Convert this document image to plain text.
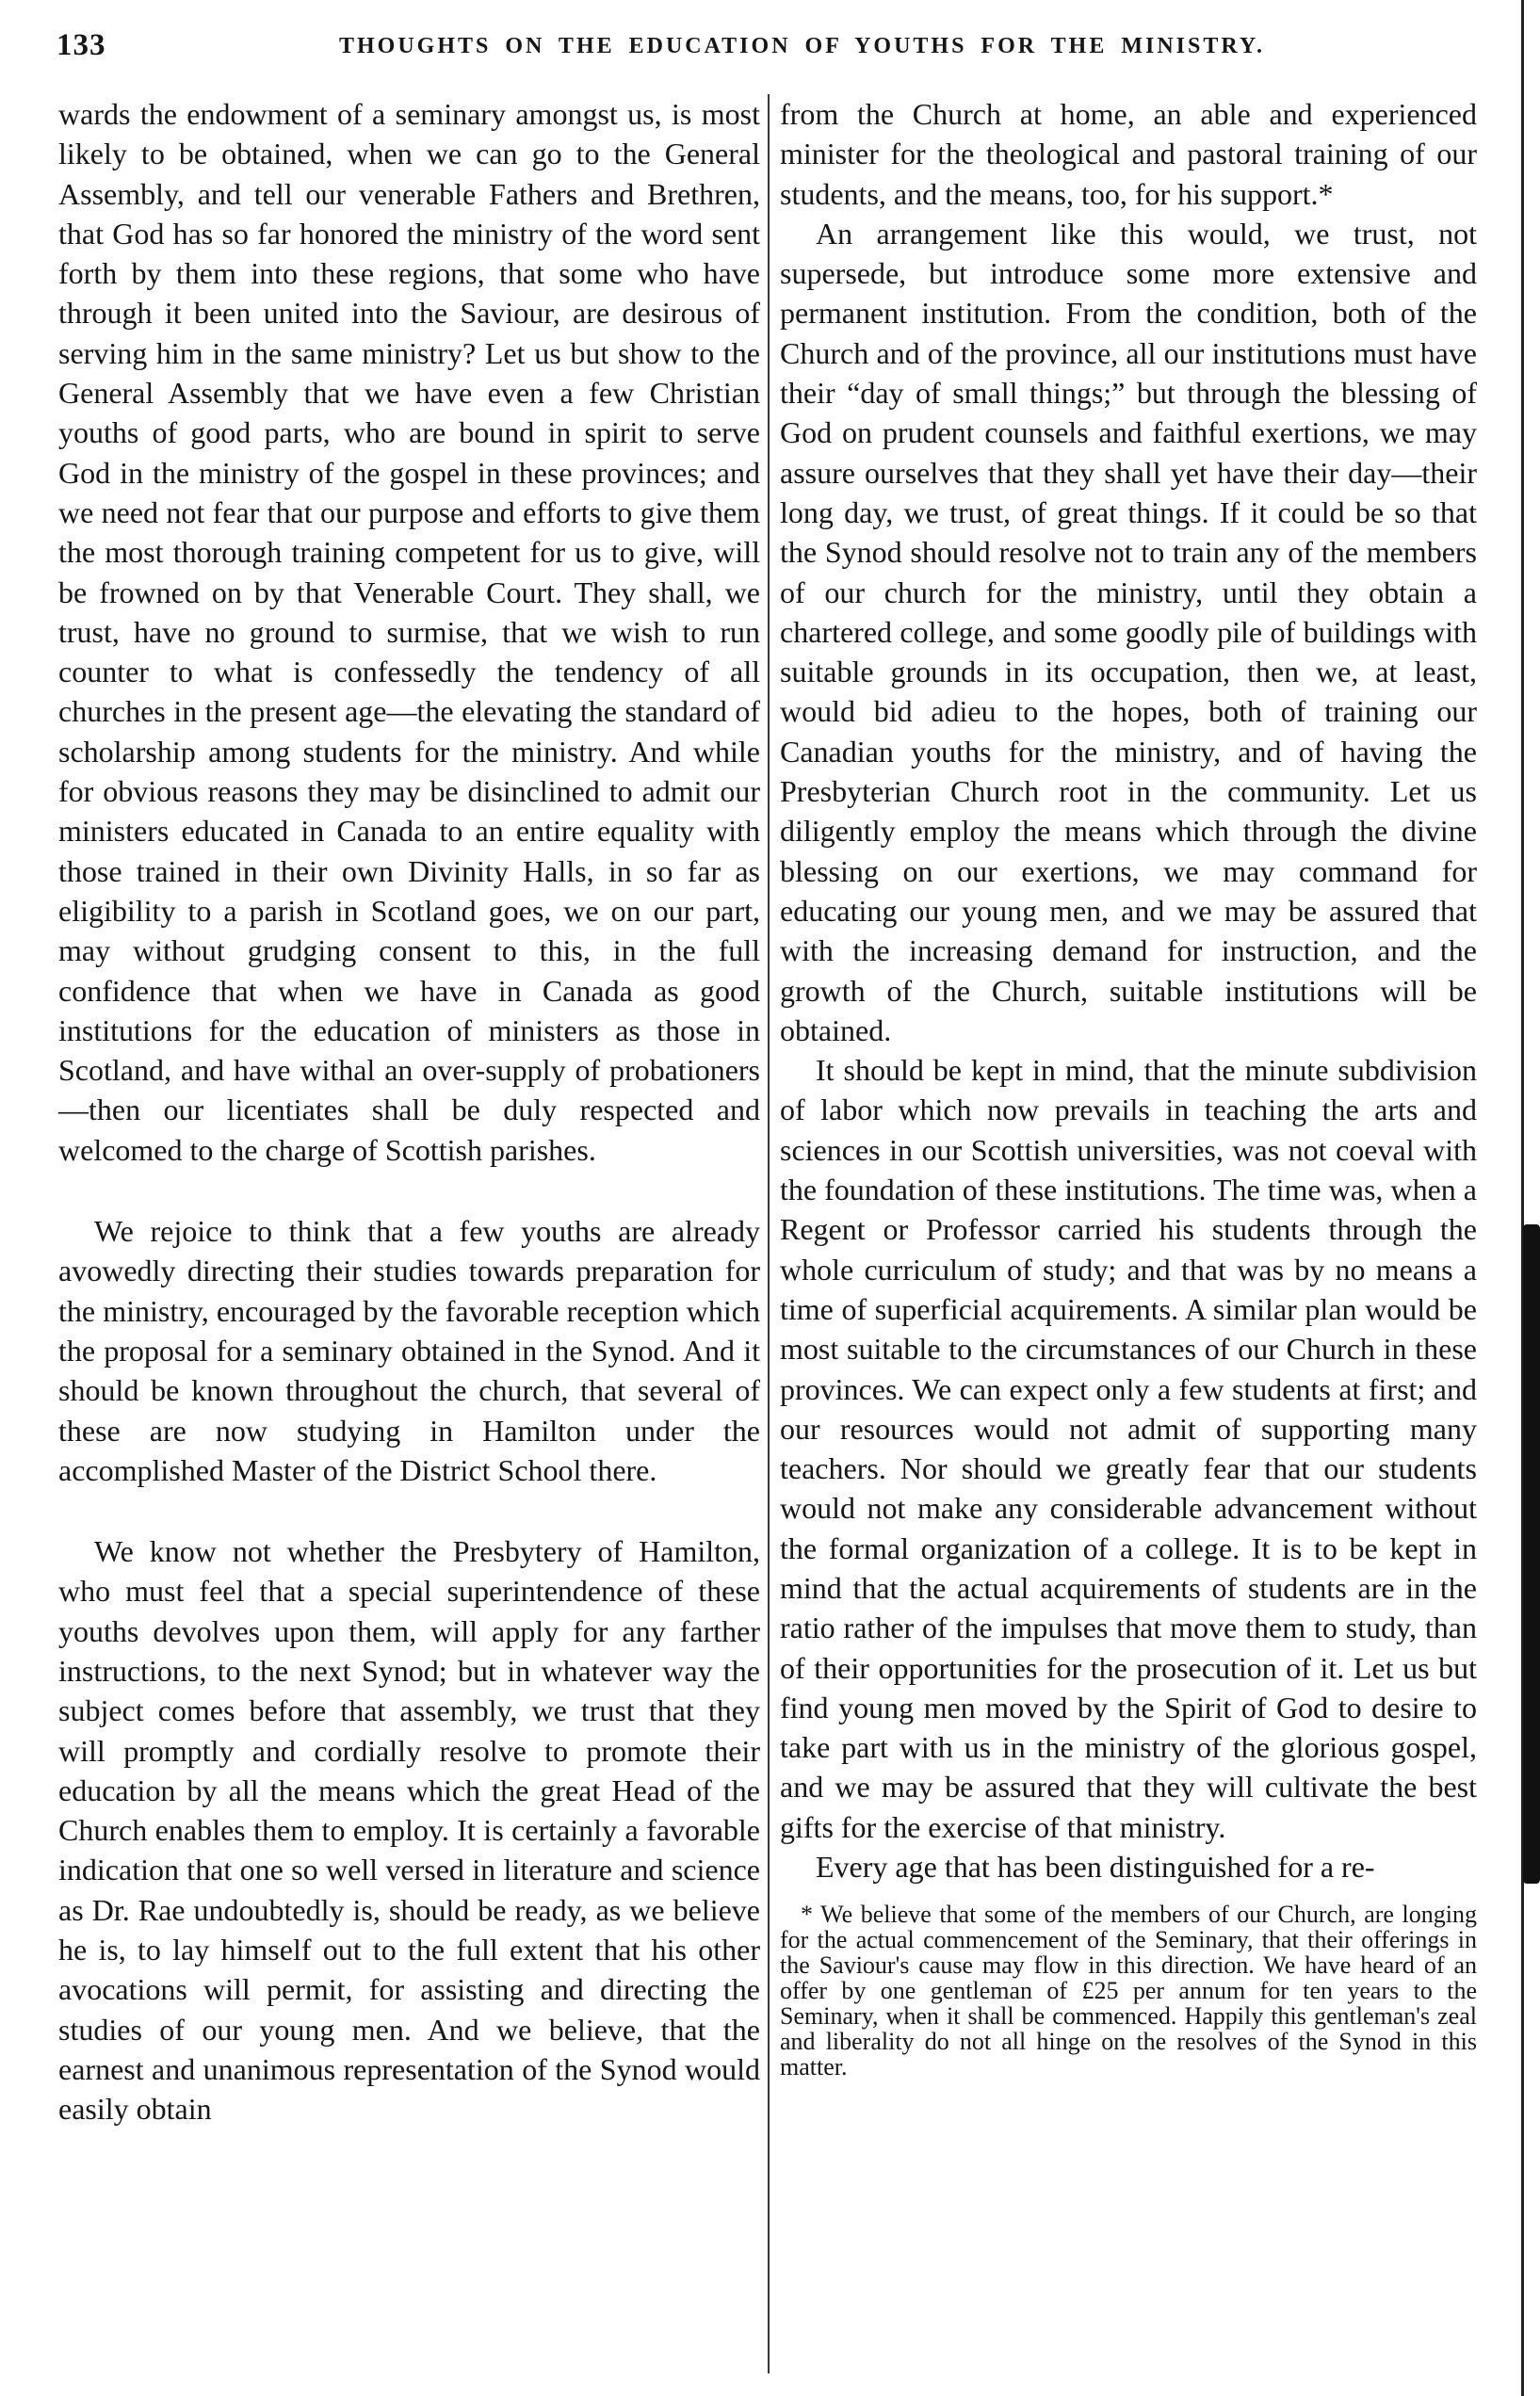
133	THOUGHTS ON THE EDUCATION OF YOUTHS FOR THE MINISTRY.

wards the endowment of a seminary amongst us, is most likely to be obtained, when we can go to the General Assembly, and tell our venerable Fathers and Brethren, that God has so far honored the ministry of the word sent forth by them into these regions, that some who have through it been united into the Saviour, are desirous of serving him in the same ministry? Let us but show to the General Assembly that we have even a few Christian youths of good parts, who are bound in spirit to serve God in the ministry of the gospel in these provinces; and we need not fear that our purpose and efforts to give them the most thorough training competent for us to give, will be frowned on by that Venerable Court. They shall, we trust, have no ground to surmise, that we wish to run counter to what is confessedly the tendency of all churches in the present age—the elevating the standard of scholarship among students for the ministry. And while for obvious reasons they may be disinclined to admit our ministers educated in Canada to an entire equality with those trained in their own Divinity Halls, in so far as eligibility to a parish in Scotland goes, we on our part, may without grudging consent to this, in the full confidence that when we have in Canada as good institutions for the education of ministers as those in Scotland, and have withal an over-supply of probationers—then our licentiates shall be duly respected and welcomed to the charge of Scottish parishes.

We rejoice to think that a few youths are already avowedly directing their studies towards preparation for the ministry, encouraged by the favorable reception which the proposal for a seminary obtained in the Synod. And it should be known throughout the church, that several of these are now studying in Hamilton under the accomplished Master of the District School there.

We know not whether the Presbytery of Hamilton, who must feel that a special superintendence of these youths devolves upon them, will apply for any farther instructions, to the next Synod; but in whatever way the subject comes before that assembly, we trust that they will promptly and cordially resolve to promote their education by all the means which the great Head of the Church enables them to employ. It is certainly a favorable indication that one so well versed in literature and science as Dr. Rae undoubtedly is, should be ready, as we believe he is, to lay himself out to the full extent that his other avocations will permit, for assisting and directing the studies of our young men. And we believe, that the earnest and unanimous representation of the Synod would easily obtain

from the Church at home, an able and experienced minister for the theological and pastoral training of our students, and the means, too, for his support.*

An arrangement like this would, we trust, not supersede, but introduce some more extensive and permanent institution. From the condition, both of the Church and of the province, all our institutions must have their “day of small things;” but through the blessing of God on prudent counsels and faithful exertions, we may assure ourselves that they shall yet have their day—their long day, we trust, of great things. If it could be so that the Synod should resolve not to train any of the members of our church for the ministry, until they obtain a chartered college, and some goodly pile of buildings with suitable grounds in its occupation, then we, at least, would bid adieu to the hopes, both of training our Canadian youths for the ministry, and of having the Presbyterian Church root in the community. Let us diligently employ the means which through the divine blessing on our exertions, we may command for educating our young men, and we may be assured that with the increasing demand for instruction, and the growth of the Church, suitable institutions will be obtained.

It should be kept in mind, that the minute subdivision of labor which now prevails in teaching the arts and sciences in our Scottish universities, was not coeval with the foundation of these institutions. The time was, when a Regent or Professor carried his students through the whole curriculum of study; and that was by no means a time of superficial acquirements. A similar plan would be most suitable to the circumstances of our Church in these provinces. We can expect only a few students at first; and our resources would not admit of supporting many teachers. Nor should we greatly fear that our students would not make any considerable advancement without the formal organization of a college. It is to be kept in mind that the actual acquirements of students are in the ratio rather of the impulses that move them to study, than of their opportunities for the prosecution of it. Let us but find young men moved by the Spirit of God to desire to take part with us in the ministry of the glorious gospel, and we may be assured that they will cultivate the best gifts for the exercise of that ministry.

Every age that has been distinguished for a re-

* We believe that some of the members of our Church, are longing for the actual commencement of the Seminary, that their offerings in the Saviour's cause may flow in this direction. We have heard of an offer by one gentleman of £25 per annum for ten years to the Seminary, when it shall be commenced. Happily this gentleman's zeal and liberality do not all hinge on the resolves of the Synod in this matter.
